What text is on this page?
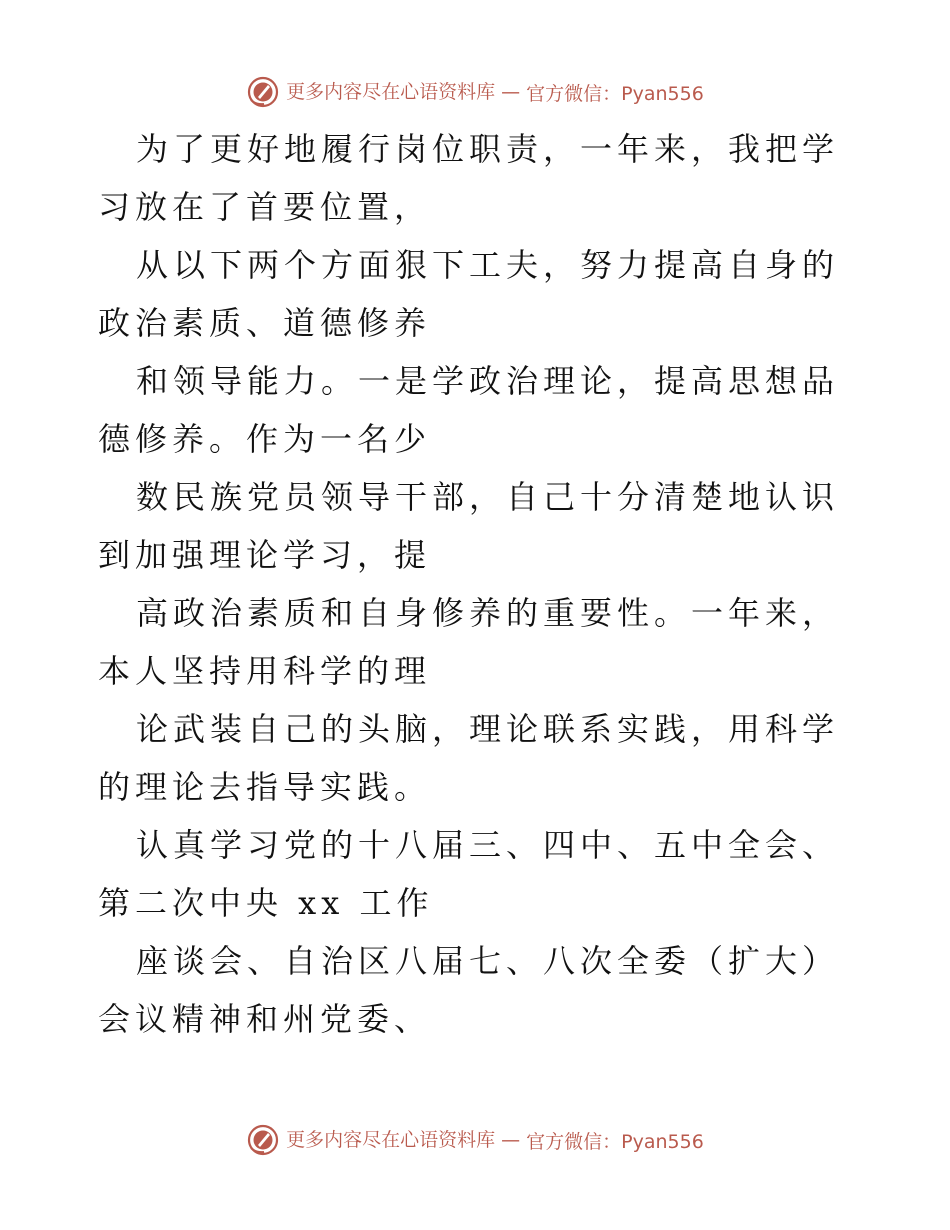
更多内容尽在心语资料库 — 官方微信：Pyan556

为了更好地履行岗位职责，一年来，我把学习放在了首要位置，

从以下两个方面狠下工夫，努力提高自身的政治素质、道德修养

和领导能力。一是学政治理论，提高思想品德修养。作为一名少

数民族党员领导干部，自己十分清楚地认识到加强理论学习，提

高政治素质和自身修养的重要性。一年来，本人坚持用科学的理

论武装自己的头脑，理论联系实践，用科学的理论去指导实践。

认真学习党的十八届三、四中、五中全会、第二次中央 xx 工作

座谈会、自治区八届七、八次全委（扩大）会议精神和州党委、

更多内容尽在心语资料库 — 官方微信：Pyan556
